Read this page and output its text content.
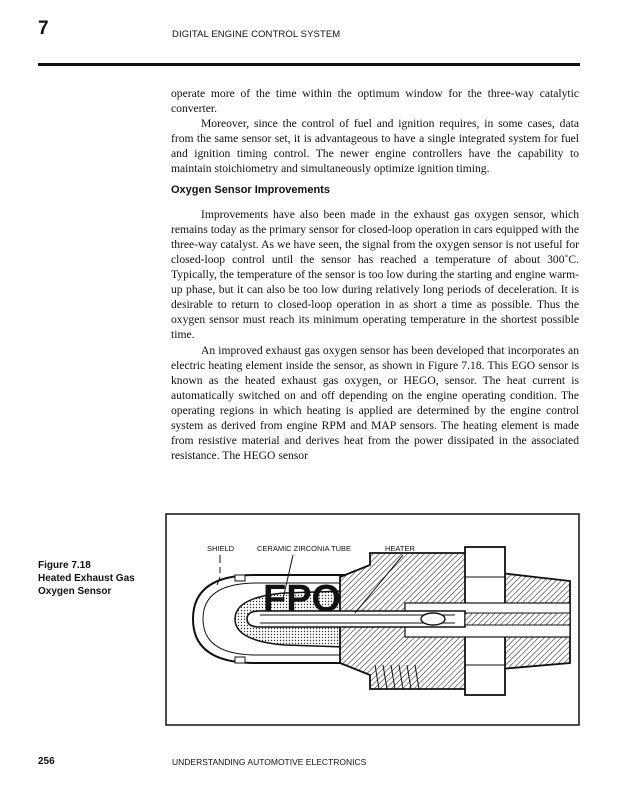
7	DIGITAL ENGINE CONTROL SYSTEM

operate more of the time within the optimum window for the three-way catalytic converter.

Moreover, since the control of fuel and ignition requires, in some cases, data from the same sensor set, it is advantageous to have a single integrated system for fuel and ignition timing control. The newer engine controllers have the capability to maintain stoichiometry and simultaneously optimize ignition timing.

Oxygen Sensor Improvements

Improvements have also been made in the exhaust gas oxygen sensor, which remains today as the primary sensor for closed-loop operation in cars equipped with the three-way catalyst. As we have seen, the signal from the oxygen sensor is not useful for closed-loop control until the sensor has reached a temperature of about 300˚C. Typically, the temperature of the sensor is too low during the starting and engine warm-up phase, but it can also be too low during relatively long periods of deceleration. It is desirable to return to closed-loop operation in as short a time as possible. Thus the oxygen sensor must reach its minimum operating temperature in the shortest possible time.

An improved exhaust gas oxygen sensor has been developed that incorporates an electric heating element inside the sensor, as shown in Figure 7.18. This EGO sensor is known as the heated exhaust gas oxygen, or HEGO, sensor. The heat current is automatically switched on and off depending on the engine operating condition. The operating regions in which heating is applied are determined by the engine control system as derived from engine RPM and MAP sensors. The heating element is made from resistive material and derives heat from the power dissipated in the associated resistance. The HEGO sensor

Figure 7.18
Heated Exhaust Gas
Oxygen Sensor
SHIELD	CERAMIC ZIRCONIA TUBE	HEATER
FPO
256	UNDERSTANDING AUTOMOTIVE ELECTRONICS
